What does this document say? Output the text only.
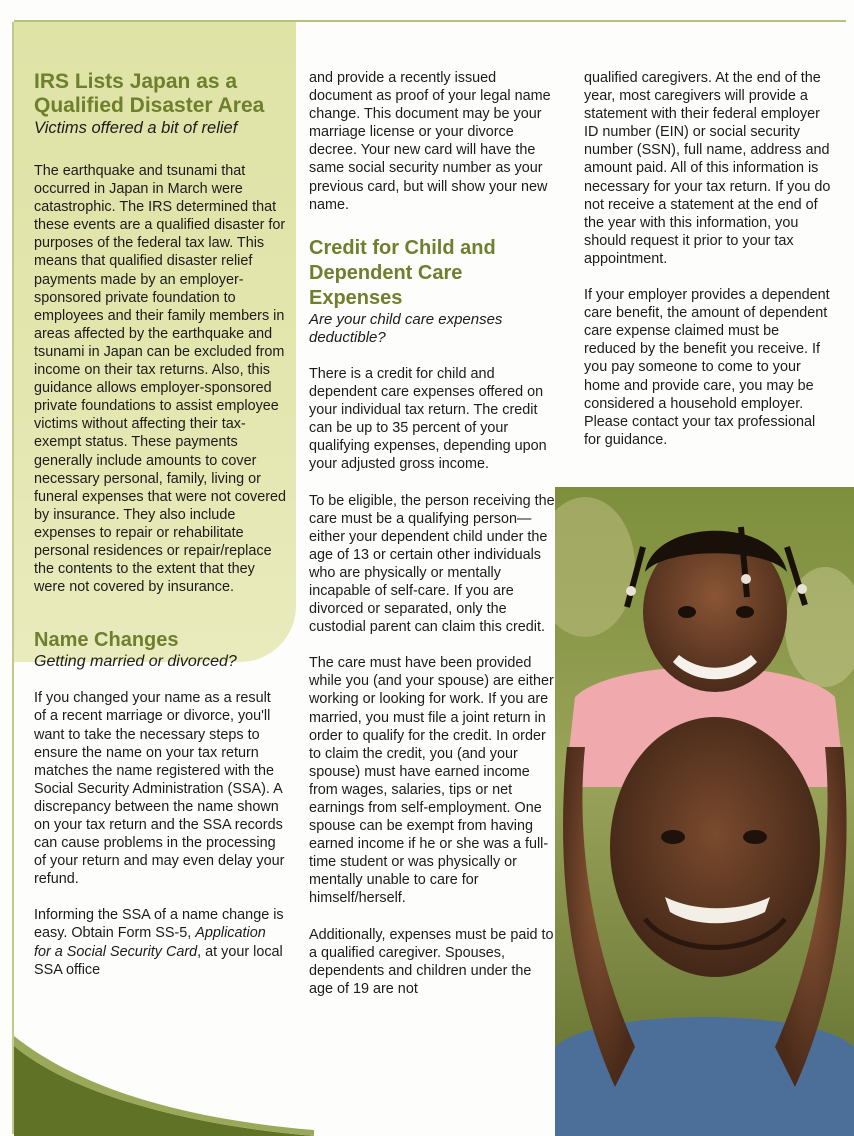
IRS Lists Japan as a Qualified Disaster Area
Victims offered a bit of relief

The earthquake and tsunami that occurred in Japan in March were catastrophic. The IRS determined that these events are a qualified disaster for purposes of the federal tax law. This means that qualified disaster relief payments made by an employer-sponsored private foundation to employees and their family members in areas affected by the earthquake and tsunami in Japan can be excluded from income on their tax returns. Also, this guidance allows employer-sponsored private foundations to assist employee victims without affecting their tax-exempt status. These payments generally include amounts to cover necessary personal, family, living or funeral expenses that were not covered by insurance. They also include expenses to repair or rehabilitate personal residences or repair/replace the contents to the extent that they were not covered by insurance.

Name Changes
Getting married or divorced?

If you changed your name as a result of a recent marriage or divorce, you'll want to take the necessary steps to ensure the name on your tax return matches the name registered with the Social Security Administration (SSA). A discrepancy between the name shown on your tax return and the SSA records can cause problems in the processing of your return and may even delay your refund.

Informing the SSA of a name change is easy. Obtain Form SS-5, Application for a Social Security Card, at your local SSA office

and provide a recently issued document as proof of your legal name change. This document may be your marriage license or your divorce decree. Your new card will have the same social security number as your previous card, but will show your new name.

Credit for Child and Dependent Care Expenses
Are your child care expenses deductible?

There is a credit for child and dependent care expenses offered on your individual tax return. The credit can be up to 35 percent of your qualifying expenses, depending upon your adjusted gross income.

To be eligible, the person receiving the care must be a qualifying person—either your dependent child under the age of 13 or certain other individuals who are physically or mentally incapable of self-care. If you are divorced or separated, only the custodial parent can claim this credit.

The care must have been provided while you (and your spouse) are either working or looking for work. If you are married, you must file a joint return in order to qualify for the credit. In order to claim the credit, you (and your spouse) must have earned income from wages, salaries, tips or net earnings from self-employment. One spouse can be exempt from having earned income if he or she was a full-time student or was physically or mentally unable to care for himself/herself.

Additionally, expenses must be paid to a qualified caregiver. Spouses, dependents and children under the age of 19 are not

qualified caregivers. At the end of the year, most caregivers will provide a statement with their federal employer ID number (EIN) or social security number (SSN), full name, address and amount paid. All of this information is necessary for your tax return. If you do not receive a statement at the end of the year with this information, you should request it prior to your tax appointment.

If your employer provides a dependent care benefit, the amount of dependent care expense claimed must be reduced by the benefit you receive. If you pay someone to come to your home and provide care, you may be considered a household employer. Please contact your tax professional for guidance.
